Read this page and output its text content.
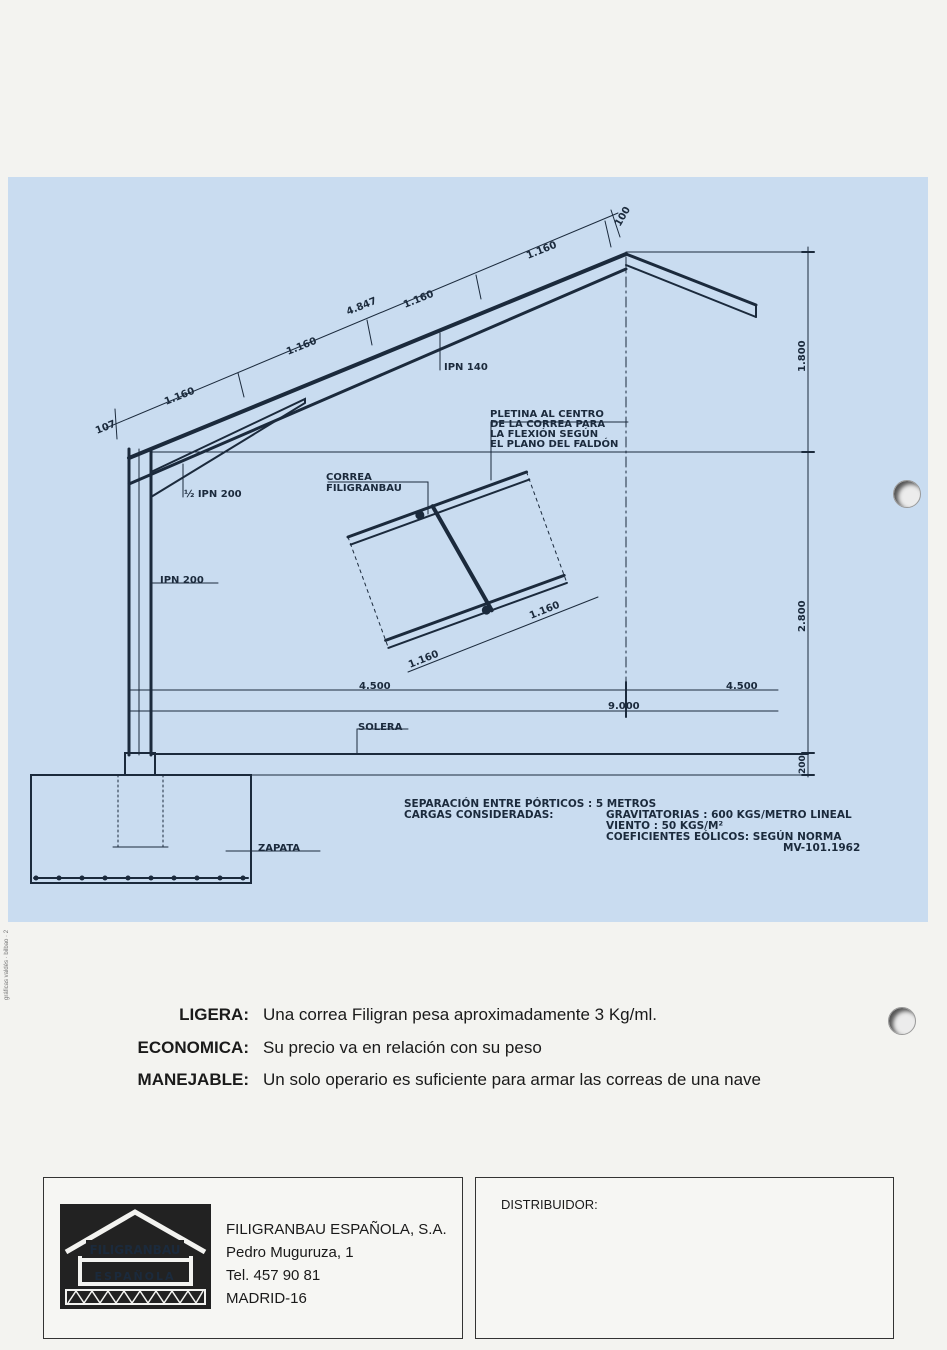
IPN 140
½ IPN 200
IPN 200
CORREA
FILIGRANBAU
PLETINA AL CENTRO
DE LA CORREA PARA
LA FLEXIÓN SEGÚN
EL PLANO DEL FALDÓN
SOLERA
ZAPATA
4.500	4.500
9.000
1.800
2.800
200
107
1.160
1.160
4.847 1.160
1.160
100
1.160
1.160
SEPARACIÓN ENTRE PÓRTICOS : 5 METROS
CARGAS CONSIDERADAS:	GRAVITATORIAS : 600 KGS/METRO LINEAL
VIENTO : 50 KGS/M²
COEFICIENTES EÓLICOS: SEGÚN NORMA
MV-101.1962
gráficas valdés · bilbao · 2
LIGERA: Una correa Filigran pesa aproximadamente 3 Kg/ml.
ECONOMICA: Su precio va en relación con su peso
MANEJABLE: Un solo operario es suficiente para armar las correas de una nave
FILIGRANBAU
ESPAÑOLA
FILIGRANBAU ESPAÑOLA, S.A.
Pedro Muguruza, 1
Tel. 457 90 81
MADRID-16
DISTRIBUIDOR:
